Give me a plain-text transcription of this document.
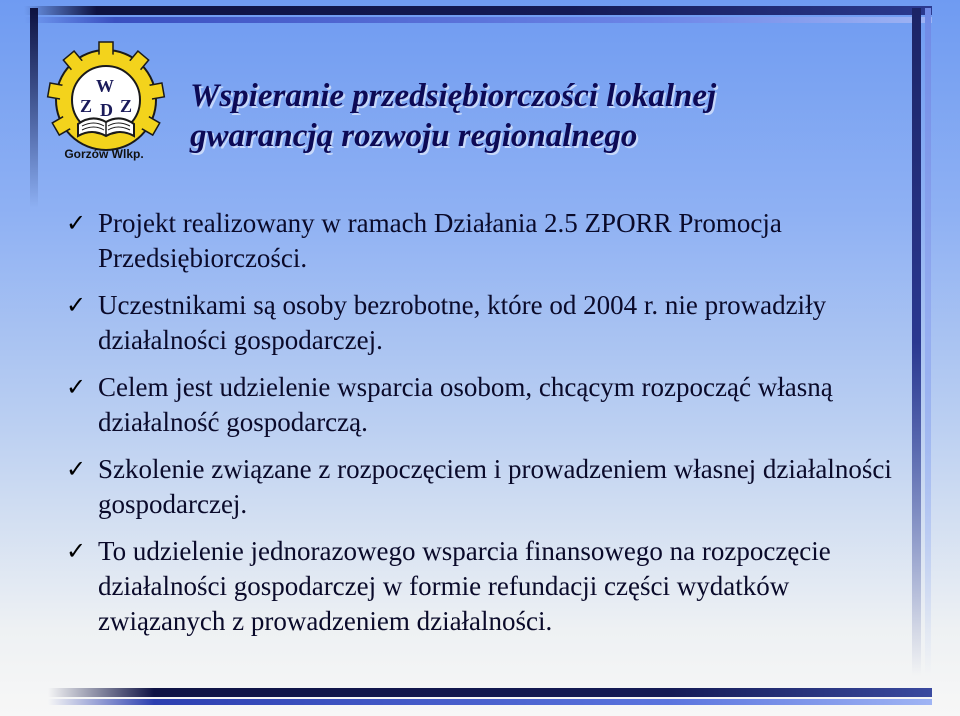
W
Z D Z
Gorzów Wlkp.
Wspieranie przedsiębiorczości lokalnej
gwarancją rozwoju regionalnego
✓ Projekt realizowany w ramach Działania 2.5 ZPORR Promocja Przedsiębiorczości.
✓ Uczestnikami są osoby bezrobotne, które od 2004 r. nie prowadziły działalności gospodarczej.
✓ Celem jest udzielenie wsparcia osobom, chcącym rozpocząć własną działalność gospodarczą.
✓ Szkolenie związane z rozpoczęciem i prowadzeniem własnej działalności gospodarczej.
✓ To udzielenie jednorazowego wsparcia finansowego na rozpoczęcie działalności gospodarczej w formie refundacji części wydatków związanych z prowadzeniem działalności.
